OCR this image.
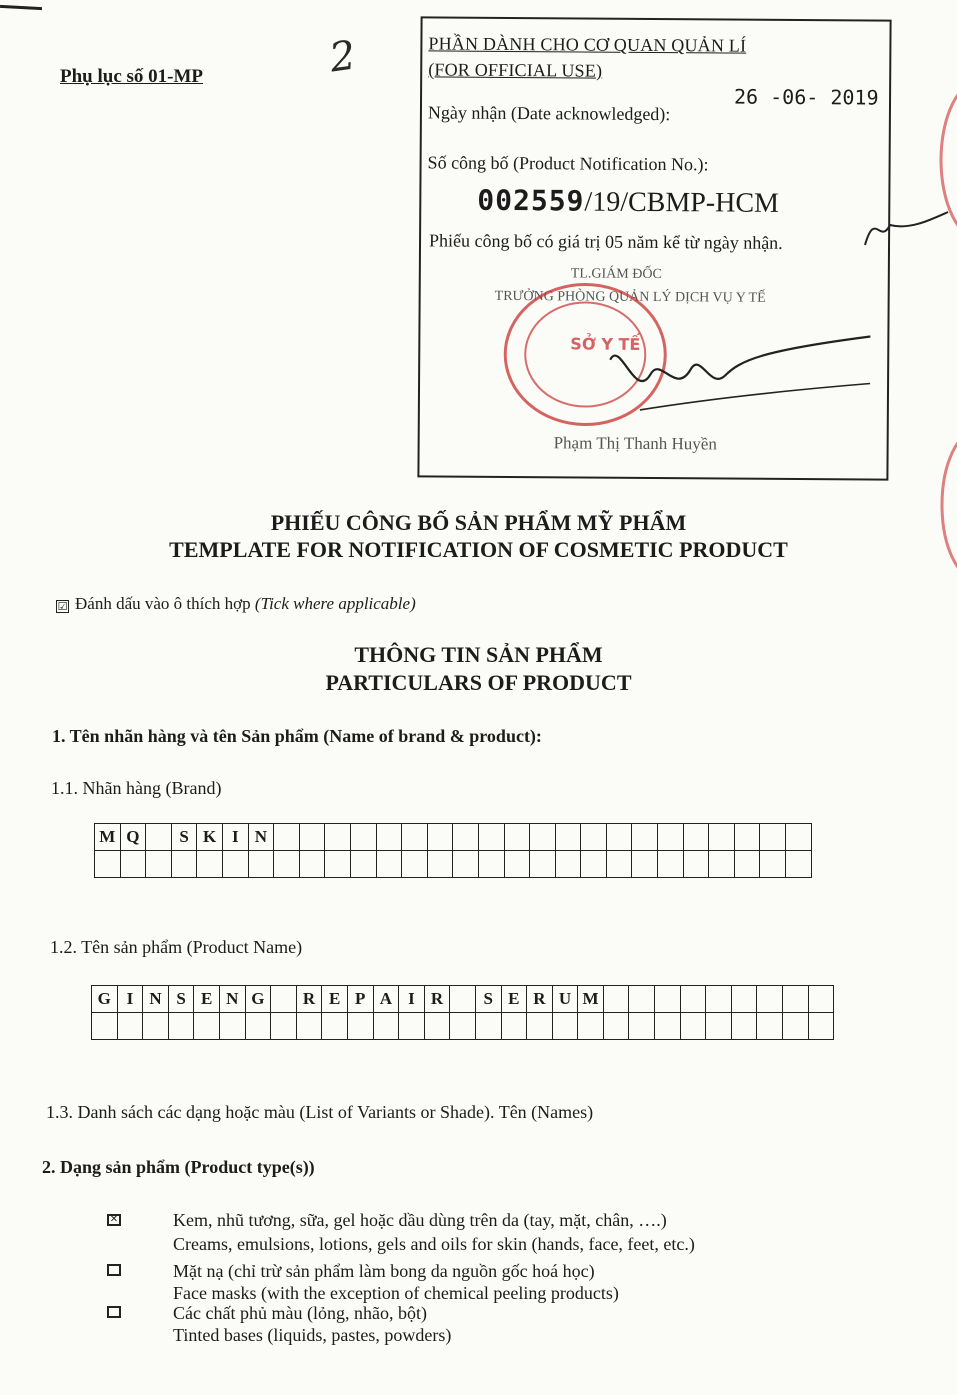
Phụ lục số 01-MP	2	PHẦN DÀNH CHO CƠ QUAN QUẢN LÍ
(FOR OFFICIAL USE)
26 -06- 2019
Ngày nhận (Date acknowledged):
Số công bố (Product Notification No.):
002559/19/CBMP-HCM
Phiếu công bố có giá trị 05 năm kể từ ngày nhận.
TL.GIÁM ĐỐC
TRƯỞNG PHÒNG QUẢN LÝ DỊCH VỤ Y TẾ
SỞ Y TẾ
Phạm Thị Thanh Huyền
PHIẾU CÔNG BỐ SẢN PHẨM MỸ PHẨM
TEMPLATE FOR NOTIFICATION OF COSMETIC PRODUCT
☑ Đánh dấu vào ô thích hợp (Tick where applicable)
THÔNG TIN SẢN PHẨM
PARTICULARS OF PRODUCT
1. Tên nhãn hàng và tên Sản phẩm (Name of brand & product):
1.1. Nhãn hàng (Brand)
M	Q		S	K	I	N																					

1.2. Tên sản phẩm (Product Name)
G	I	N	S	E	N	G		R	E	P	A	I	R		S	E	R	U	M									

1.3. Danh sách các dạng hoặc màu (List of Variants or Shade). Tên (Names)
2. Dạng sản phẩm (Product type(s))
✕	Kem, nhũ tương, sữa, gel hoặc dầu dùng trên da (tay, mặt, chân, ….)
Creams, emulsions, lotions, gels and oils for skin (hands, face, feet, etc.)
Mặt nạ (chỉ trừ sản phẩm làm bong da nguồn gốc hoá học)
Face masks (with the exception of chemical peeling products)
Các chất phủ màu (lỏng, nhão, bột)
Tinted bases (liquids, pastes, powders)
